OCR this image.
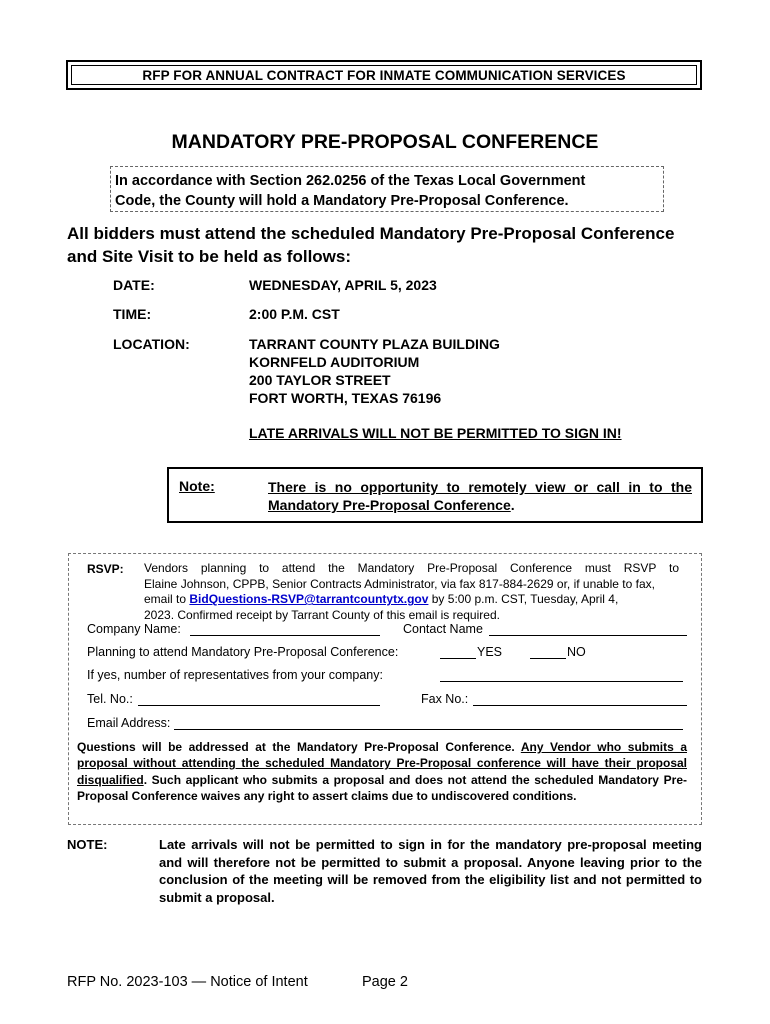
RFP FOR ANNUAL CONTRACT FOR INMATE COMMUNICATION SERVICES
MANDATORY PRE-PROPOSAL CONFERENCE
In accordance with Section 262.0256 of the Texas Local Government
Code, the County will hold a Mandatory Pre-Proposal Conference.
All bidders must attend the scheduled Mandatory Pre-Proposal Conference
and Site Visit to be held as follows:
DATE:	WEDNESDAY, APRIL 5, 2023
TIME:	2:00 P.M. CST
LOCATION:	TARRANT COUNTY PLAZA BUILDING
KORNFELD AUDITORIUM
200 TAYLOR STREET
FORT WORTH, TEXAS 76196
LATE ARRIVALS WILL NOT BE PERMITTED TO SIGN IN!
Note:	There is no opportunity to remotely view or call in to the
Mandatory Pre-Proposal Conference.
RSVP: Vendors planning to attend the Mandatory Pre-Proposal Conference must RSVP to
Elaine Johnson, CPPB, Senior Contracts Administrator, via fax 817-884-2629 or, if unable to fax,
email to BidQuestions-RSVP@tarrantcountytx.gov by 5:00 p.m. CST, Tuesday, April 4,
2023. Confirmed receipt by Tarrant County of this email is required.
Company Name:	Contact Name
Planning to attend Mandatory Pre-Proposal Conference:	YES	NO
If yes, number of representatives from your company:
Tel. No.:	Fax No.:
Email Address:
Questions will be addressed at the Mandatory Pre-Proposal Conference. Any Vendor who submits a proposal without attending the scheduled Mandatory Pre-Proposal conference will have their proposal disqualified. Such applicant who submits a proposal and does not attend the scheduled Mandatory Pre-Proposal Conference waives any right to assert claims due to undiscovered conditions.
NOTE:	Late arrivals will not be permitted to sign in for the mandatory pre-proposal meeting and will therefore not be permitted to submit a proposal. Anyone leaving prior to the conclusion of the meeting will be removed from the eligibility list and not permitted to submit a proposal.
RFP No. 2023-103 — Notice of Intent	Page 2
